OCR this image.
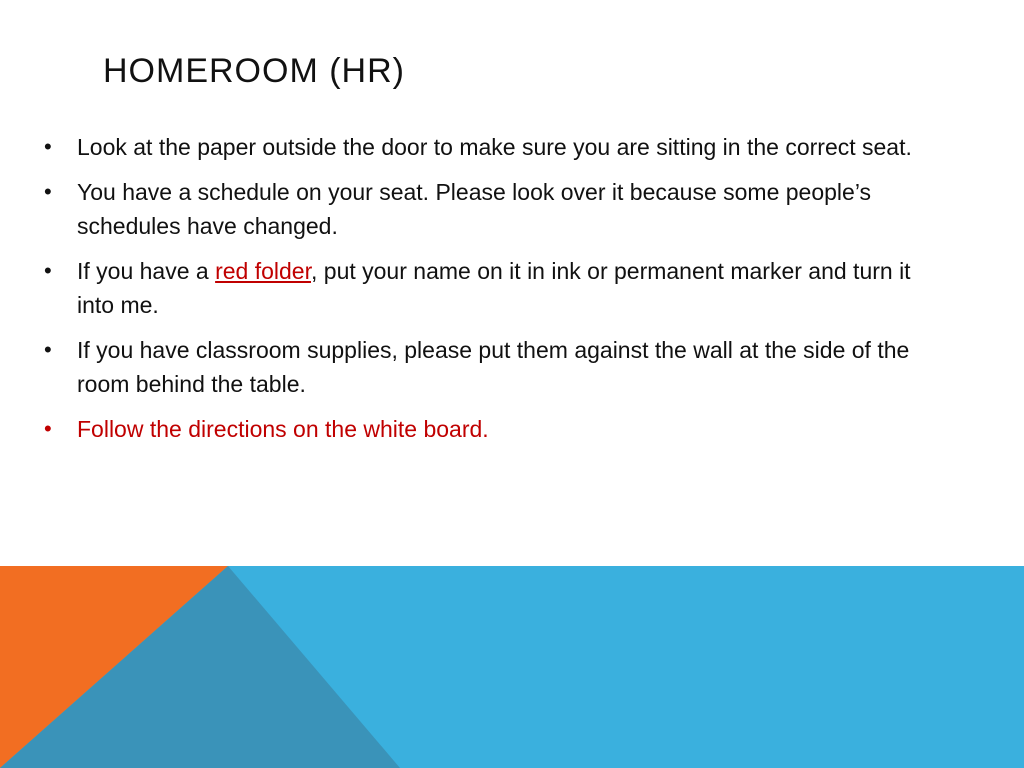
HOMEROOM (HR)
•	Look at the paper outside the door to make sure you are sitting in the correct seat.
•	You have a schedule on your seat. Please look over it because some people’s schedules have changed.
•	If you have a red folder, put your name on it in ink or permanent marker and turn it into me.
•	If you have classroom supplies, please put them against the wall at the side of the room behind the table.
•	Follow the directions on the white board.
